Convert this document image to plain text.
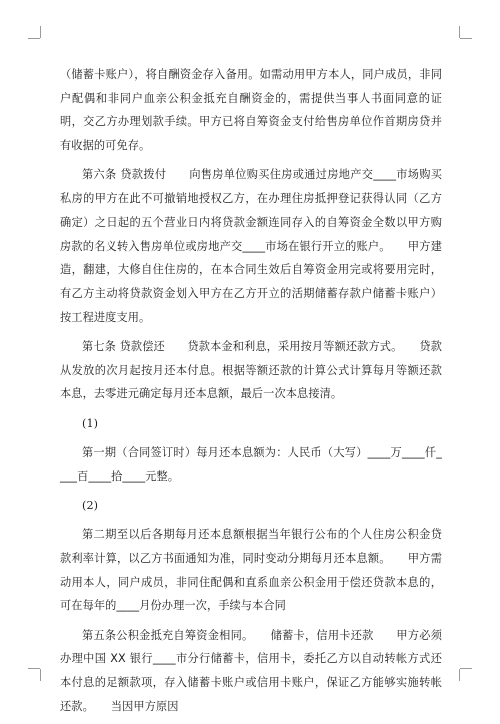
（储蓄卡账户），将自酬资金存入备用。如需动用甲方本人，同户成员，非同户配偶和非同户血亲公积金抵充自酬资金的，需提供当事人书面同意的证明，交乙方办理划款手续。甲方已将自筹资金支付给售房单位作首期房贷并有收据的可免存。

第六条 贷款拨付　　向售房单位购买住房或通过房地产交____市场购买私房的甲方在此不可撤销地授权乙方，在办理住房抵押登记获得认同（乙方确定）之日起的五个营业日内将贷款金额连同存入的自筹资金全数以甲方购房款的名义转入售房单位或房地产交____市场在银行开立的账户。　　甲方建造，翻建，大修自住住房的，在本合同生效后自筹资金用完或将要用完时，有乙方主动将贷款资金划入甲方在乙方开立的活期储蓄存款户储蓄卡账户）按工程进度支用。

第七条 贷款偿还　　贷款本金和利息，采用按月等额还款方式。　　贷款从发放的次月起按月还本付息。根据等额还款的计算公式计算每月等额还款本息，去零进元确定每月还本息额，最后一次本息接清。

(1)

第一期（合同签订时）每月还本息额为：人民币（大写）____万____仟____百____拾____元整。

(2)

第二期至以后各期每月还本息额根据当年银行公布的个人住房公积金贷款利率计算，以乙方书面通知为准，同时变动分期每月还本息额。　　甲方需动用本人，同户成员，非同住配偶和直系血亲公积金用于偿还贷款本息的，可在每年的____月份办理一次，手续与本合同

第五条公积金抵充自筹资金相同。　　储蓄卡，信用卡还款　　甲方必须办理中国 XX 银行____市分行储蓄卡，信用卡，委托乙方以自动转帐方式还本付息的足额款项，存入储蓄卡账户或信用卡账户，保证乙方能够实施转帐还款。　　当因甲方原因
